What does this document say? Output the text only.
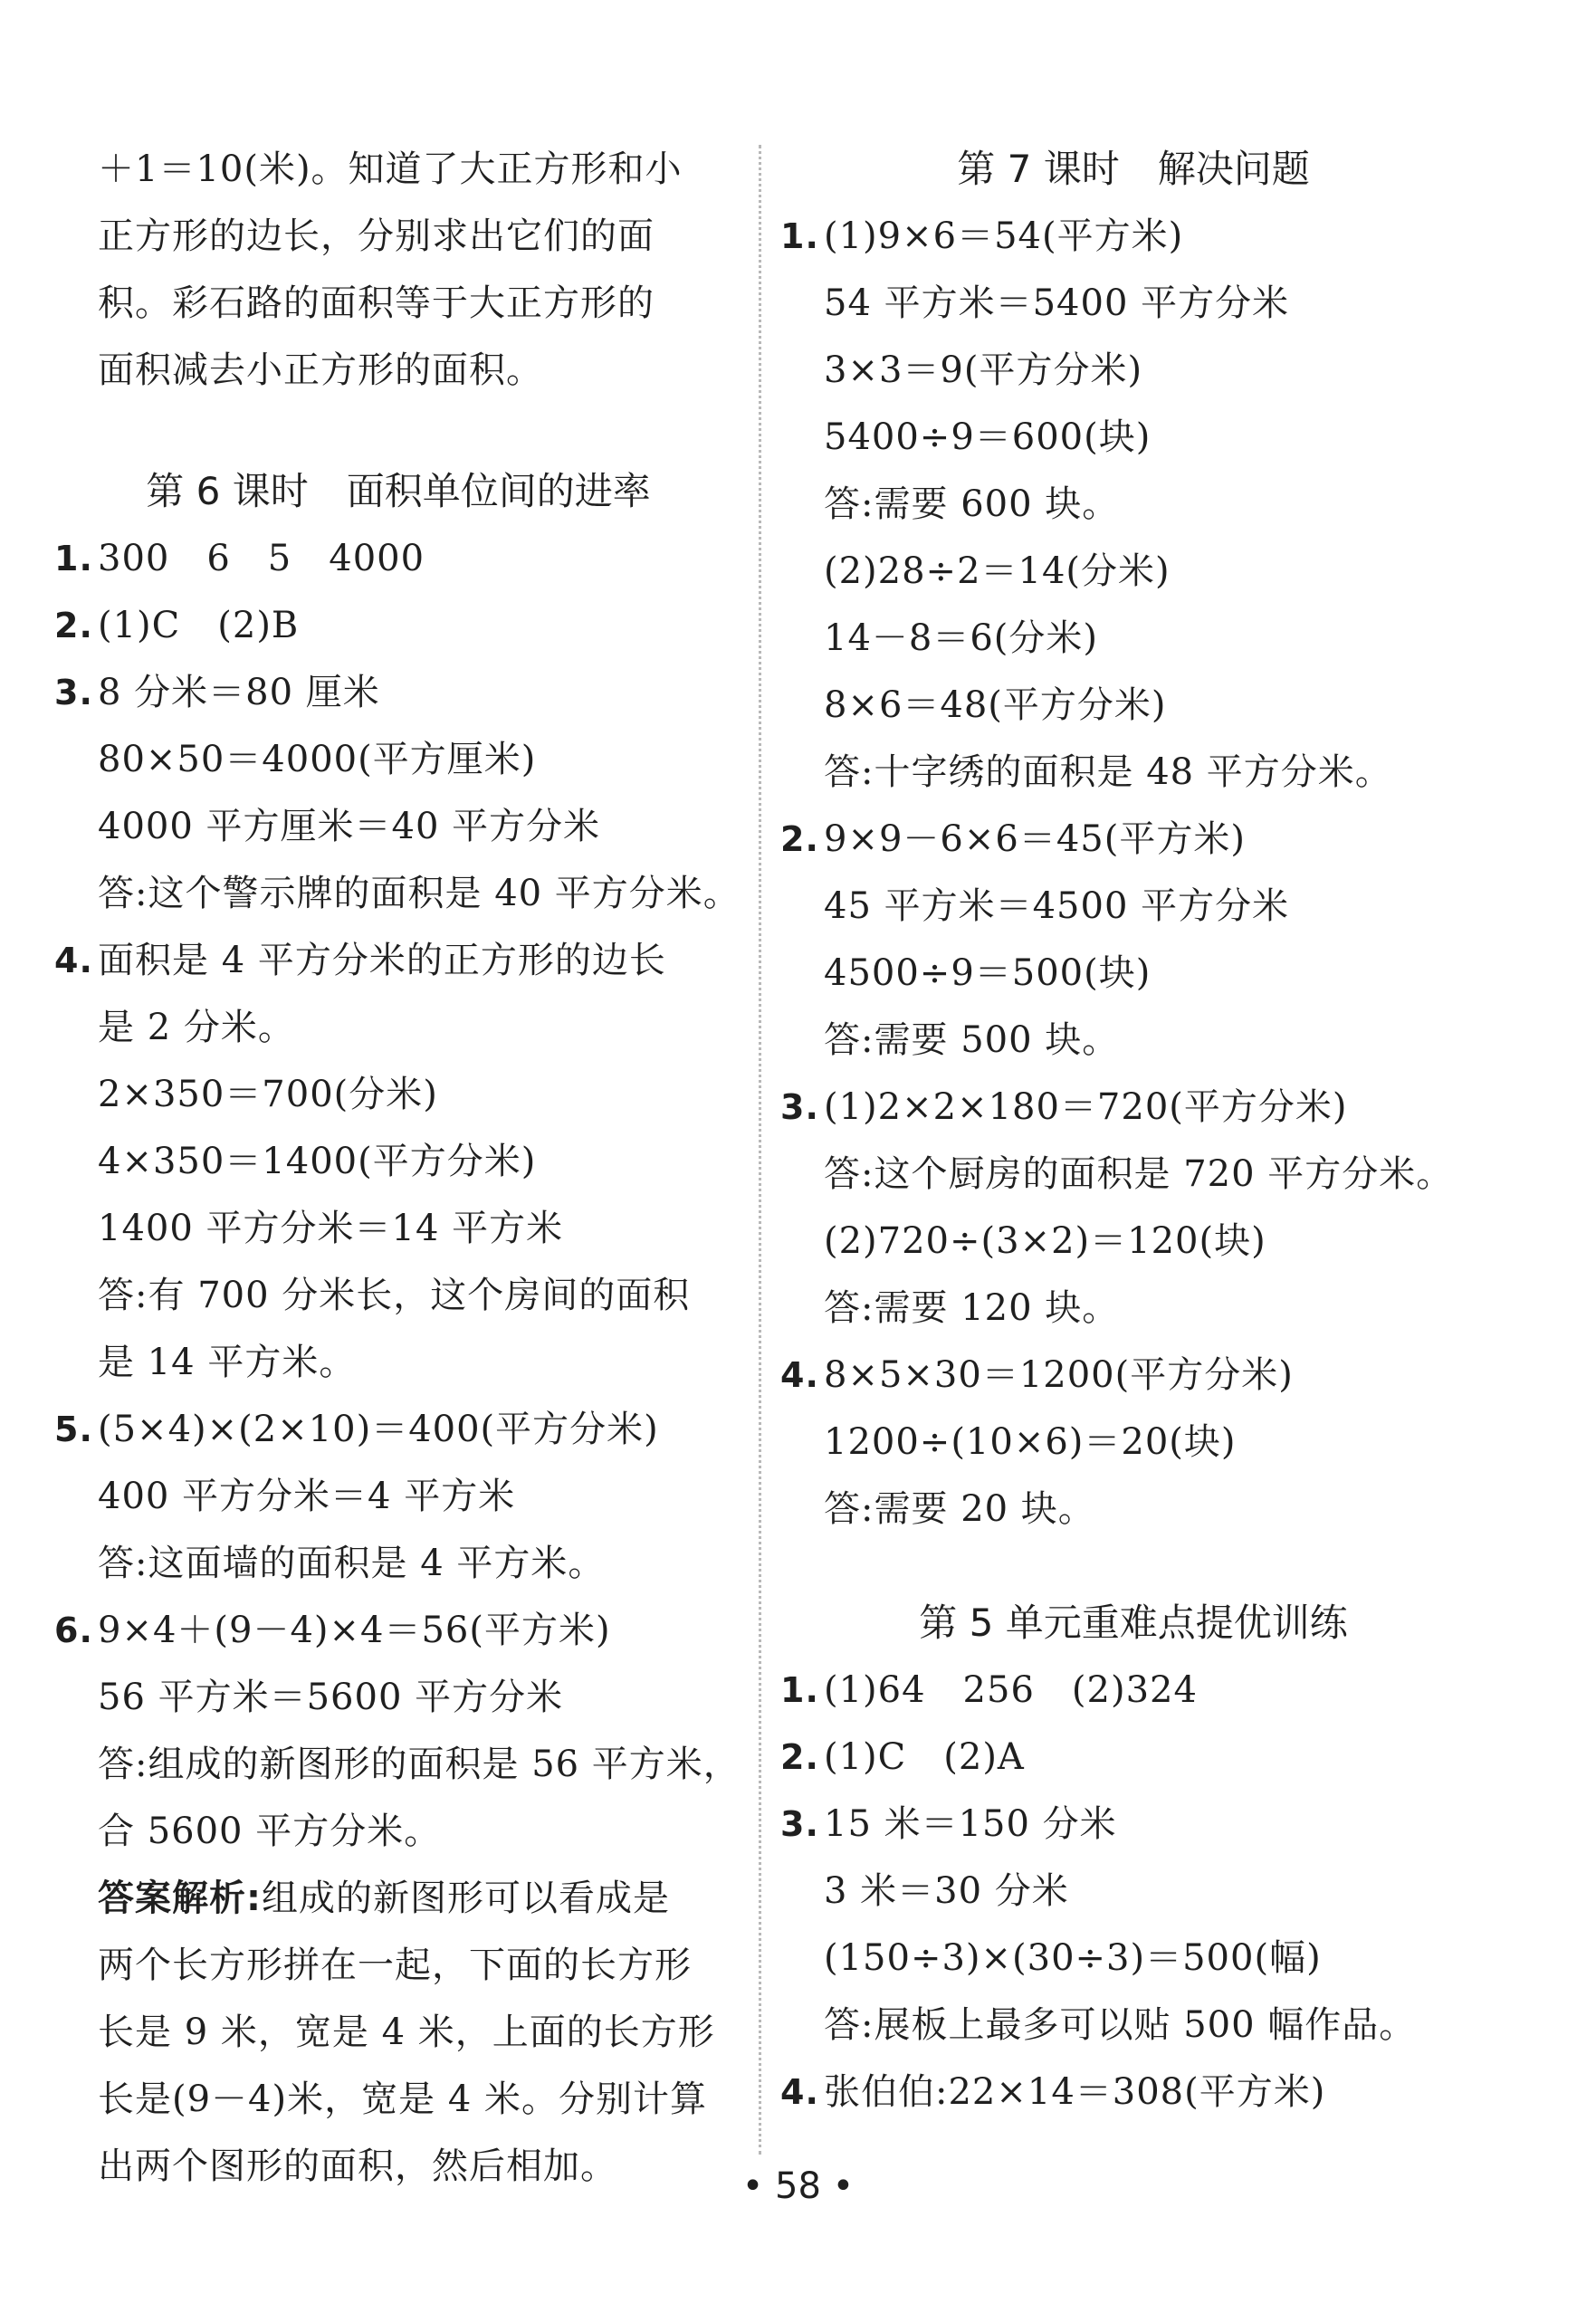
＋1＝10(米)。知道了大正方形和小
正方形的边长，分别求出它们的面
积。彩石路的面积等于大正方形的
面积减去小正方形的面积。
第 6 课时　面积单位间的进率
1. 300　6　5　4000
2. (1)C　(2)B
3. 8 分米＝80 厘米
80×50＝4000(平方厘米)
4000 平方厘米＝40 平方分米
答:这个警示牌的面积是 40 平方分米。
4. 面积是 4 平方分米的正方形的边长
是 2 分米。
2×350＝700(分米)
4×350＝1400(平方分米)
1400 平方分米＝14 平方米
答:有 700 分米长，这个房间的面积
是 14 平方米。
5. (5×4)×(2×10)＝400(平方分米)
400 平方分米＝4 平方米
答:这面墙的面积是 4 平方米。
6. 9×4＋(9－4)×4＝56(平方米)
56 平方米＝5600 平方分米
答:组成的新图形的面积是 56 平方米，
合 5600 平方分米。
答案解析:组成的新图形可以看成是
两个长方形拼在一起，下面的长方形
长是 9 米，宽是 4 米，上面的长方形
长是(9－4)米，宽是 4 米。分别计算
出两个图形的面积，然后相加。
第 7 课时　解决问题
1. (1)9×6＝54(平方米)
54 平方米＝5400 平方分米
3×3＝9(平方分米)
5400÷9＝600(块)
答:需要 600 块。
(2)28÷2＝14(分米)
14－8＝6(分米)
8×6＝48(平方分米)
答:十字绣的面积是 48 平方分米。
2. 9×9－6×6＝45(平方米)
45 平方米＝4500 平方分米
4500÷9＝500(块)
答:需要 500 块。
3. (1)2×2×180＝720(平方分米)
答:这个厨房的面积是 720 平方分米。
(2)720÷(3×2)＝120(块)
答:需要 120 块。
4. 8×5×30＝1200(平方分米)
1200÷(10×6)＝20(块)
答:需要 20 块。
第 5 单元重难点提优训练
1. (1)64　256　(2)324
2. (1)C　(2)A
3. 15 米＝150 分米
3 米＝30 分米
(150÷3)×(30÷3)＝500(幅)
答:展板上最多可以贴 500 幅作品。
4. 张伯伯:22×14＝308(平方米)
• 58 •
